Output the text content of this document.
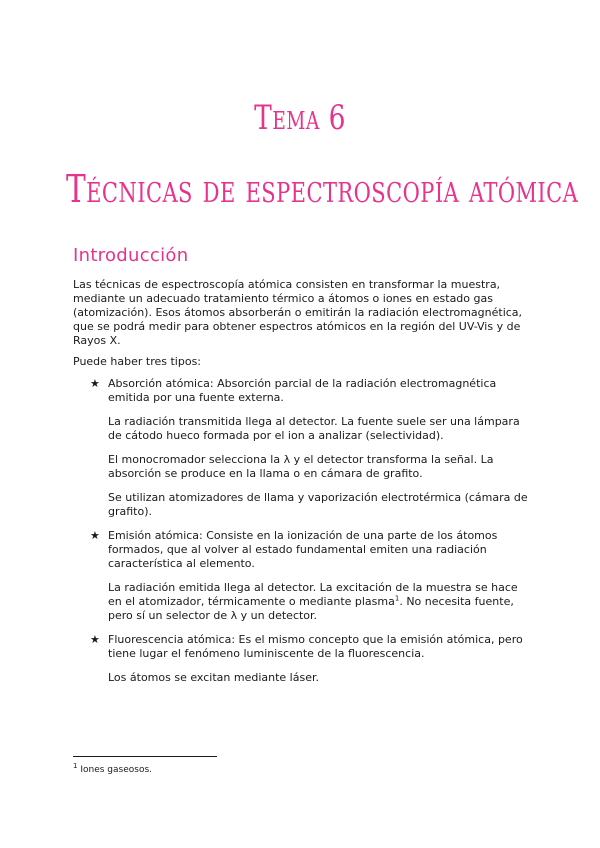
Tema 6
Técnicas de espectroscopía atómica
Introducción

Las técnicas de espectroscopía atómica consisten en transformar la muestra, mediante un adecuado tratamiento térmico a átomos o iones en estado gas (atomización). Esos átomos absorberán o emitirán la radiación electromagnética, que se podrá medir para obtener espectros atómicos en la región del UV-Vis y de Rayos X.

Puede haber tres tipos:

★ Absorción atómica: Absorción parcial de la radiación electromagnética emitida por una fuente externa.

La radiación transmitida llega al detector. La fuente suele ser una lámpara de cátodo hueco formada por el ion a analizar (selectividad).

El monocromador selecciona la λ y el detector transforma la señal. La absorción se produce en la llama o en cámara de grafito.

Se utilizan atomizadores de llama y vaporización electrotérmica (cámara de grafito).

★ Emisión atómica: Consiste en la ionización de una parte de los átomos formados, que al volver al estado fundamental emiten una radiación característica al elemento.

La radiación emitida llega al detector. La excitación de la muestra se hace en el atomizador, térmicamente o mediante plasma$^1$. No necesita fuente, pero sí un selector de λ y un detector.

★ Fluorescencia atómica: Es el mismo concepto que la emisión atómica, pero tiene lugar el fenómeno luminiscente de la fluorescencia.

Los átomos se excitan mediante láser.

$^1$ Iones gaseosos.
